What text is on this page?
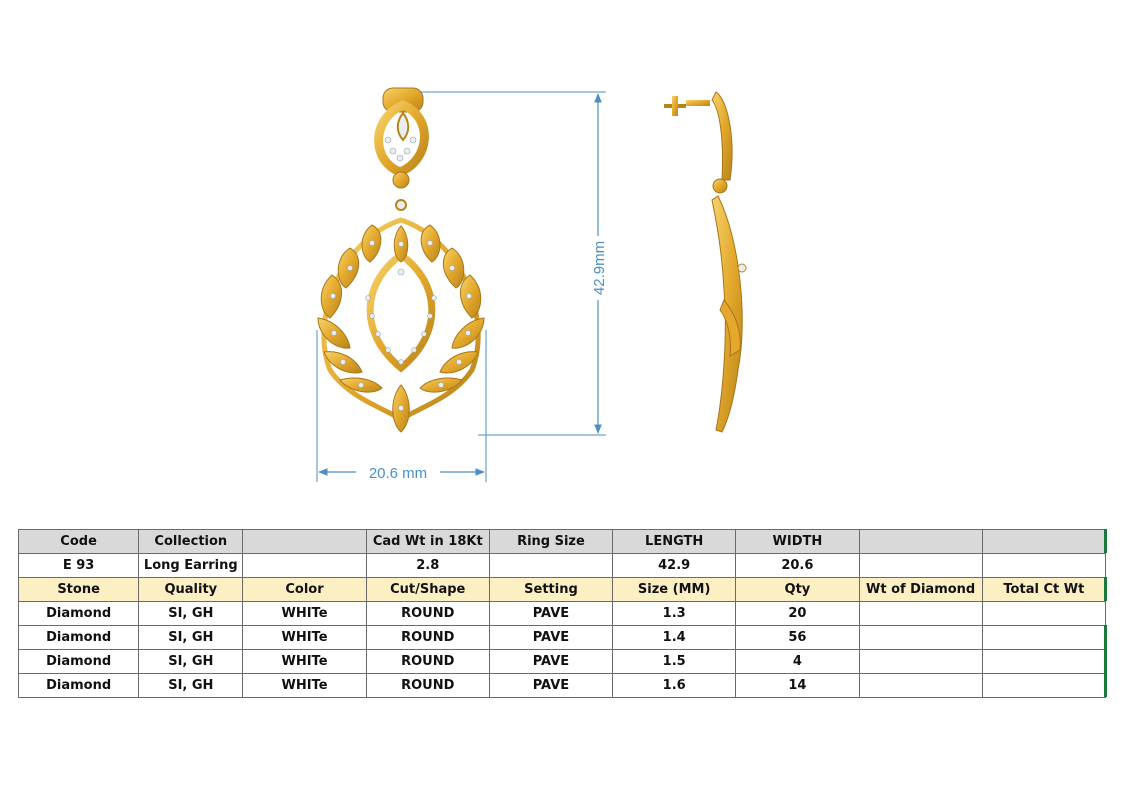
42.9mm
20.6 mm
Code	Collection		Cad Wt in 18Kt	Ring Size	LENGTH	WIDTH		
E 93	Long Earring		2.8		42.9	20.6		
Stone	Quality	Color	Cut/Shape	Setting	Size (MM)	Qty	Wt of Diamond	Total Ct Wt
Diamond	SI, GH	WHITe	ROUND	PAVE	1.3	20		
Diamond	SI, GH	WHITe	ROUND	PAVE	1.4	56		
Diamond	SI, GH	WHITe	ROUND	PAVE	1.5	4		
Diamond	SI, GH	WHITe	ROUND	PAVE	1.6	14		
